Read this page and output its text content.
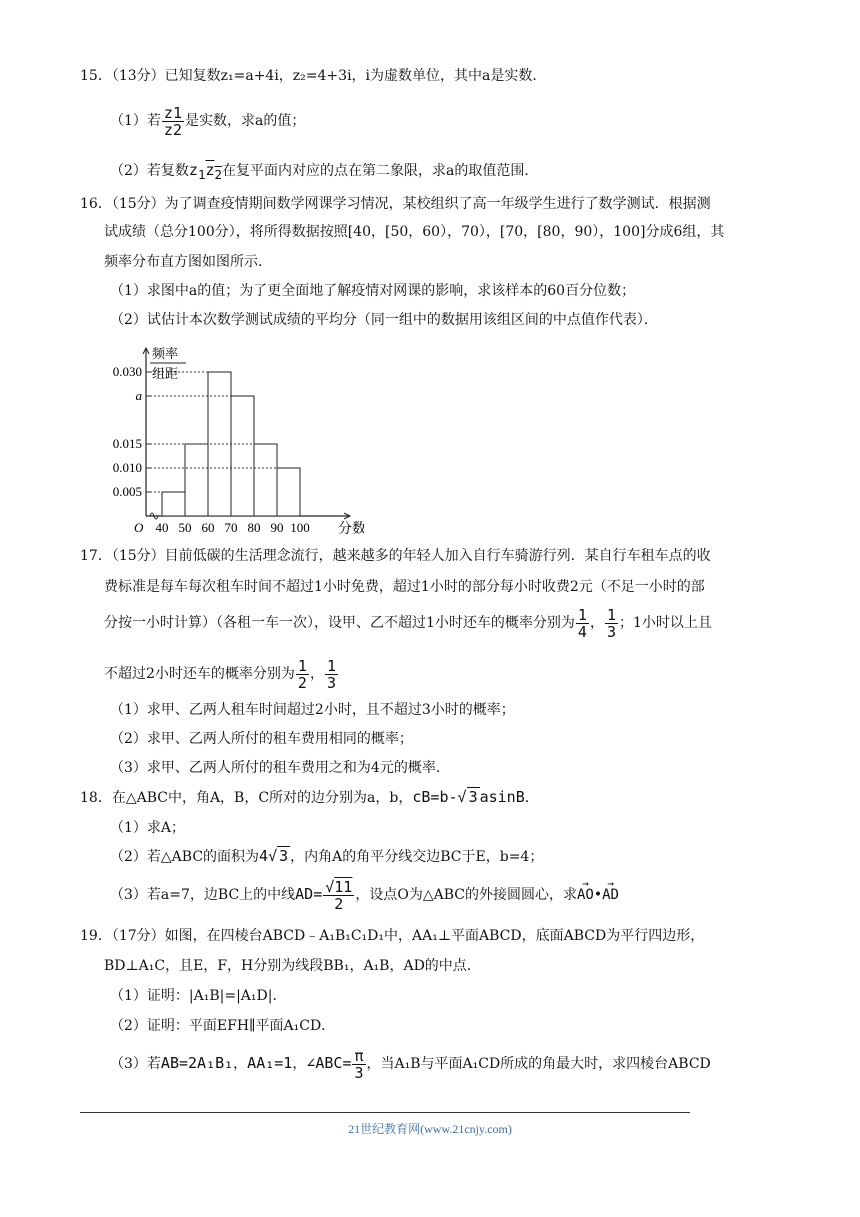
15．（13分）已知复数z₁=a+4i，z₂=4+3i，i为虚数单位，其中a是实数．
（1）若 $\frac{z1}{z2}$ 是实数，求a的值；
（2）若复数$z_1z_2$在复平面内对应的点在第二象限，求a的取值范围．
16．（15分）为了调查疫情期间数学网课学习情况，某校组织了高一年级学生进行了数学测试．根据测
试成绩（总分100分），将所得数据按照[40，[50，60），70），[70，[80，90），100]分成6组，其
频率分布直方图如图所示．
（1）求图中a的值；为了更全面地了解疫情对网课的影响，求该样本的60百分位数；
（2）试估计本次数学测试成绩的平均分（同一组中的数据用该组区间的中点值作代表）．
频率
组距
0.030
a
0.015
0.010
0.005
40 50 60 70 80 90 100
O	分数
17．（15分）目前低碳的生活理念流行，越来越多的年轻人加入自行车骑游行列．某自行车租车点的收
费标准是每车每次租车时间不超过1小时免费，超过1小时的部分每小时收费2元（不足一小时的部
分按一小时计算）（各租一车一次），设甲、乙不超过1小时还车的概率分别为 $\frac{1}{4}$ ， $\frac{1}{3}$ ；1小时以上且
不超过2小时还车的概率分别为 $\frac{1}{2}$ ， $\frac{1}{3}$
（1）求甲、乙两人租车时间超过2小时，且不超过3小时的概率；
（2）求甲、乙两人所付的租车费用相同的概率；
（3）求甲、乙两人所付的租车费用之和为4元的概率．
18．在△ABC中，角A，B，C所对的边分别为a，b，cB=b-√ 3 asinB．
（1）求A；
（2）若△ABC的面积为4√ 3 ，内角A的角平分线交边BC于E，b=4；
（3）若a=7，边BC上的中线$AD= \frac{√11}{2}$ ，设点O为△ABC的外接圆圆心，求→ AO•→ AD
19．（17分）如图，在四棱台ABCD﹣A₁B₁C₁D₁中，AA₁⊥平面ABCD，底面ABCD为平行四边形，
BD⊥A₁C，且E，F，H分别为线段BB₁，A₁B，AD的中点．
（1）证明：|A₁B|=|A₁D|．
（2）证明：平面EFH∥平面A₁CD．
（3）若AB=2A₁B₁，AA₁=1，∠ABC= $\frac{\pi}{3}$ ，当A₁B与平面A₁CD所成的角最大时，求四棱台ABCD
21世纪教育网(www.21cnjy.com)
